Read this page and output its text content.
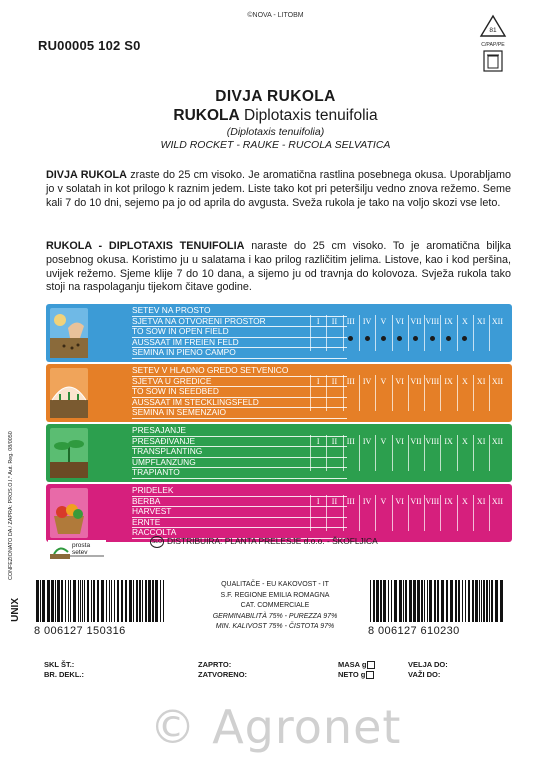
©NOVA - LITOBM
RU00005 102 S0
81
C/PAP/PE
DIVJA RUKOLA
RUKOLA Diplotaxis tenuifolia
(Diplotaxis tenuifolia)
WILD ROCKET - RAUKE - RUCOLA SELVATICA
DIVJA RUKOLA zraste do 25 cm visoko. Je aromatična rastlina posebnega okusa. Uporabljamo jo v solatah in kot prilogo k raznim jedem. Liste tako kot pri peteršilju vedno znova režemo. Seme kali 7 do 10 dni, sejemo pa jo od aprila do avgusta. Sveža rukola je tako na voljo skozi vse leto.
RUKOLA - DIPLOTAXIS TENUIFOLIA naraste do 25 cm visoko. To je aromatična biljka posebnog okusa. Koristimo ju u salatama i kao prilog različitim jelima. Listove, kao i kod peršina, uvijek režemo. Sjeme klije 7 do 10 dana, a sijemo ju od travnja do kolovoza. Svježa rukola tako stoji na raspolaganju tijekom čitave godine.
CONFEZIONATO DA / ZAPRA: PROS.O.I.* Aut. Reg. 08/0050
SETEV NA PROSTO
SJETVA NA OTVORENI PROSTOR
TO SOW IN OPEN FIELD
AUSSAAT IM FREIEN FELD
SEMINA IN PIENO CAMPO
I	II	III	IV	V	VI VII VIII IX	X	XI XII
SETEV V HLADNO GREDO SETVENICO
SJETVA U GREDICE
TO SOW IN SEEDBED
AUSSAAT IM STECKLINGSFELD
SEMINA IN SEMENZAIO
I	II	III	IV	V	VI VII VIII IX	X	XI XII
PRESAJANJE
PRESAĐIVANJE
TRANSPLANTING
UMPFLANZUNG
TRAPIANTO
I	II	III	IV	V	VI VII VIII IX	X	XI XII
PRIDELEK
BERBA
HARVEST
ERNTE
RACCOLTA
I	II	III	IV	V	VI VII VIII IX	X	XI XII
prosta setev
SLO DISTRIBUIRA: PLANTA PRELESJE d.o.o. - ŠKOFLJICA
UNIX
8 006127 150316
QUALITAČE - EU KAKOVOST - IT
S.F. REGIONE EMILIA ROMAGNA
CAT. COMMERCIALE
GERMINABILITÀ 75% - PUREZZA 97%
MIN. KALIVOST 75% - ČISTOTA 97%	8 006127 610230
SKL ŠT.:
BR. DEKL.:
ZAPRTO:
ZATVORENO:
MASA g
NETO g
VELJA DO:
VAŽI DO:
© Agronet
